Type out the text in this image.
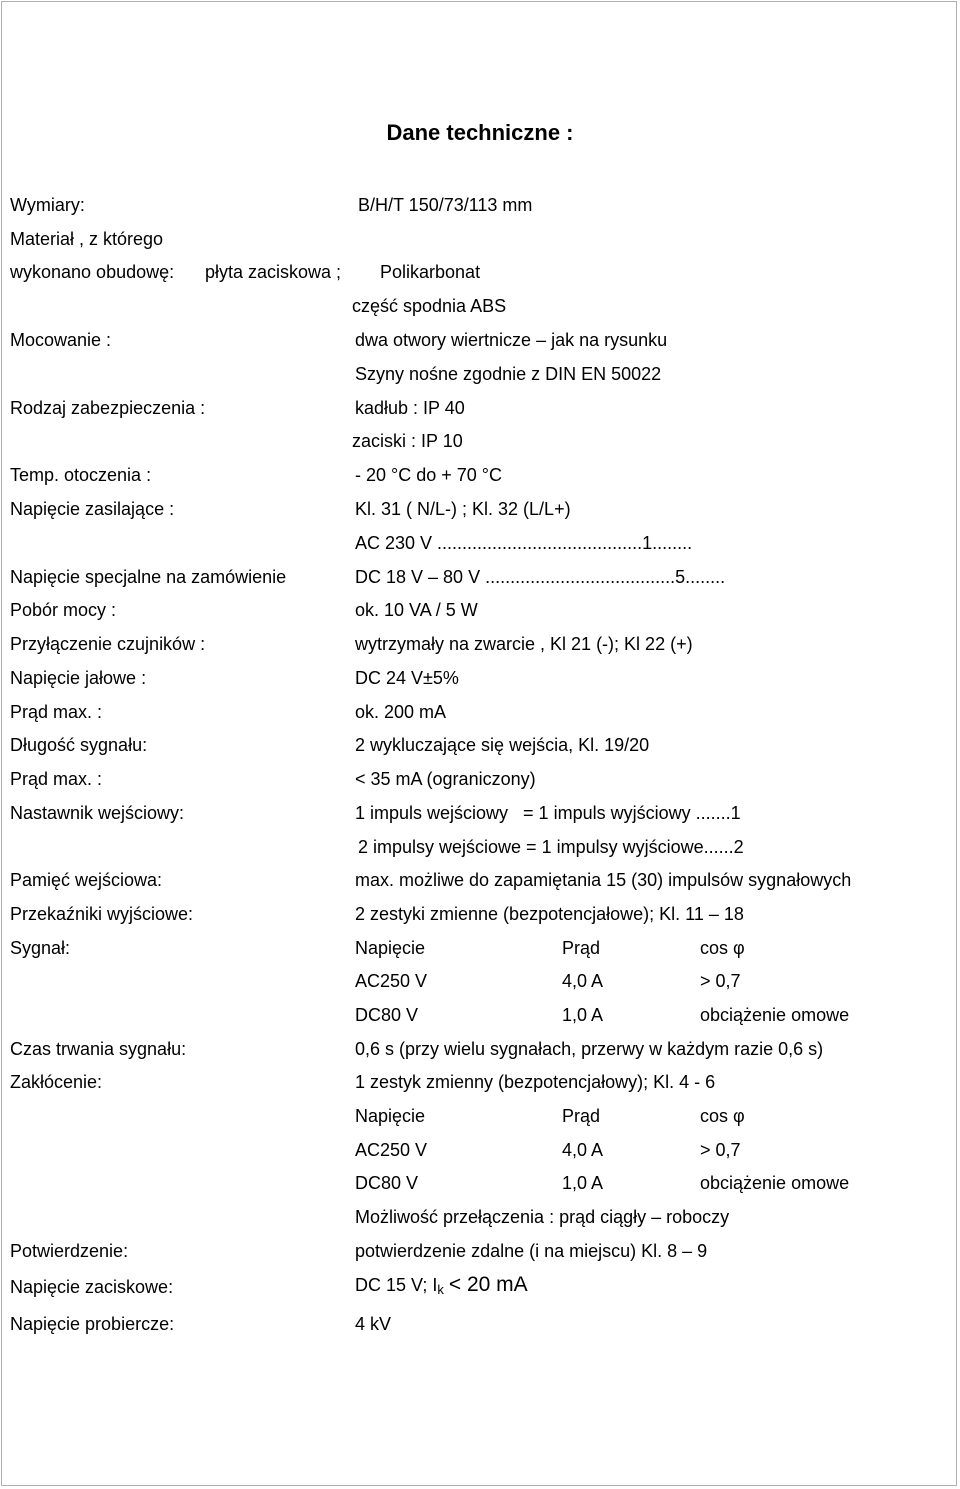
Dane techniczne :
Wymiary:	B/H/T 150/73/113 mm
Materiał , z którego
wykonano obudowę: płyta zaciskowa ; Polikarbonat
część spodnia ABS
Mocowanie :	dwa otwory wiertnicze – jak na rysunku
Szyny nośne zgodnie z DIN EN 50022
Rodzaj zabezpieczenia :	kadłub : IP 40
zaciski : IP 10
Temp. otoczenia :	- 20 °C do + 70 °C
Napięcie zasilające :	Kl. 31 ( N/L-) ; Kl. 32 (L/L+)
AC 230 V .........................................1........
Napięcie specjalne na zamówienie	DC 18 V – 80 V ......................................5........
Pobór mocy :	ok. 10 VA / 5 W
Przyłączenie czujników :	wytrzymały na zwarcie , Kl 21 (-); Kl 22 (+)
Napięcie jałowe :	DC 24 V±5%
Prąd max. :	ok. 200 mA
Długość sygnału:	2 wykluczające się wejścia, Kl. 19/20
Prąd max. :	< 35 mA (ograniczony)
Nastawnik wejściowy:	1 impuls wejściowy   = 1 impuls wyjściowy .......1
2 impulsy wejściowe = 1 impulsy wyjściowe......2
Pamięć wejściowa:	max. możliwe do zapamiętania 15 (30) impulsów sygnałowych
Przekaźniki wyjściowe:	2 zestyki zmienne (bezpotencjałowe); Kl. 11 – 18
Sygnał:	Napięcie	Prąd	cos φ
AC250 V	4,0 A	> 0,7
DC80 V	1,0 A	obciążenie omowe
Czas trwania sygnału:	0,6 s (przy wielu sygnałach, przerwy w każdym razie 0,6 s)
Zakłócenie:	1 zestyk zmienny (bezpotencjałowy); Kl. 4 - 6
Napięcie	Prąd	cos φ
AC250 V	4,0 A	> 0,7
DC80 V	1,0 A	obciążenie omowe
Możliwość przełączenia : prąd ciągły – roboczy
Potwierdzenie:	potwierdzenie zdalne (i na miejscu) Kl. 8 – 9
Napięcie zaciskowe:	DC 15 V; $I_k < 20$ mA
Napięcie probiercze:	4 kV
